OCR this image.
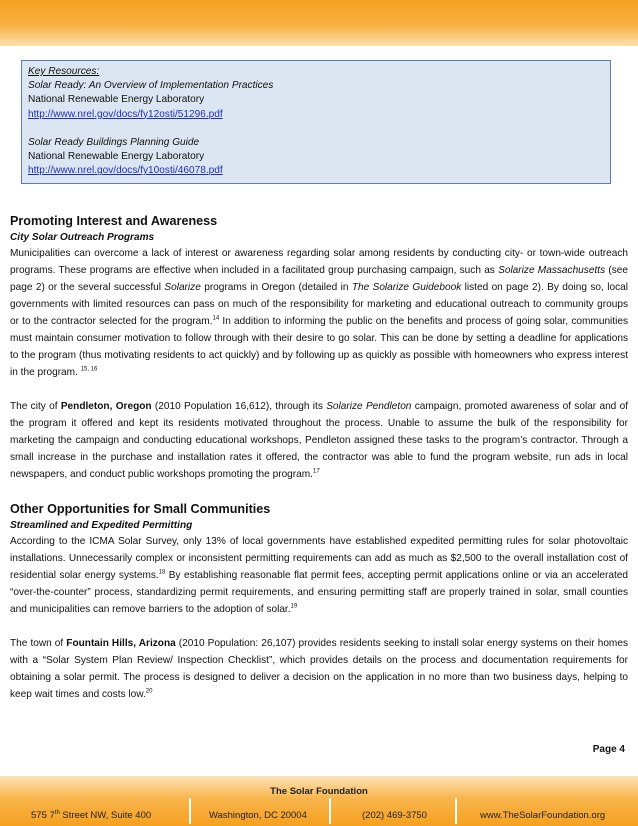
Key Resources:
Solar Ready: An Overview of Implementation Practices
National Renewable Energy Laboratory
http://www.nrel.gov/docs/fy12osti/51296.pdf
Solar Ready Buildings Planning Guide
National Renewable Energy Laboratory
http://www.nrel.gov/docs/fy10osti/46078.pdf
Promoting Interest and Awareness
City Solar Outreach Programs

Municipalities can overcome a lack of interest or awareness regarding solar among residents by conducting city- or town-wide outreach programs. These programs are effective when included in a facilitated group purchasing campaign, such as Solarize Massachusetts (see page 2) or the several successful Solarize programs in Oregon (detailed in The Solarize Guidebook listed on page 2). By doing so, local governments with limited resources can pass on much of the responsibility for marketing and educational outreach to community groups or to the contractor selected for the program.$^{14}$ In addition to informing the public on the benefits and process of going solar, communities must maintain consumer motivation to follow through with their desire to go solar. This can be done by setting a deadline for applications to the program (thus motivating residents to act quickly) and by following up as quickly as possible with homeowners who express interest in the program. $^{15, 16}$

The city of Pendleton, Oregon (2010 Population 16,612), through its Solarize Pendleton campaign, promoted awareness of solar and of the program it offered and kept its residents motivated throughout the process. Unable to assume the bulk of the responsibility for marketing the campaign and conducting educational workshops, Pendleton assigned these tasks to the program’s contractor. Through a small increase in the purchase and installation rates it offered, the contractor was able to fund the program website, run ads in local newspapers, and conduct public workshops promoting the program.$^{17}$

Other Opportunities for Small Communities
Streamlined and Expedited Permitting

According to the ICMA Solar Survey, only 13% of local governments have established expedited permitting rules for solar photovoltaic installations. Unnecessarily complex or inconsistent permitting requirements can add as much as $2,500 to the overall installation cost of residential solar energy systems.$^{18}$ By establishing reasonable flat permit fees, accepting permit applications online or via an accelerated “over-the-counter” process, standardizing permit requirements, and ensuring permitting staff are properly trained in solar, small counties and municipalities can remove barriers to the adoption of solar.$^{19}$

The town of Fountain Hills, Arizona (2010 Population: 26,107) provides residents seeking to install solar energy systems on their homes with a “Solar System Plan Review/ Inspection Checklist”, which provides details on the process and documentation requirements for obtaining a solar permit. The process is designed to deliver a decision on the application in no more than two business days, helping to keep wait times and costs low.$^{20}$

Page 4
The Solar Foundation
575 7th Street NW, Suite 400	Washington, DC 20004	(202) 469-3750	www.TheSolarFoundation.org
